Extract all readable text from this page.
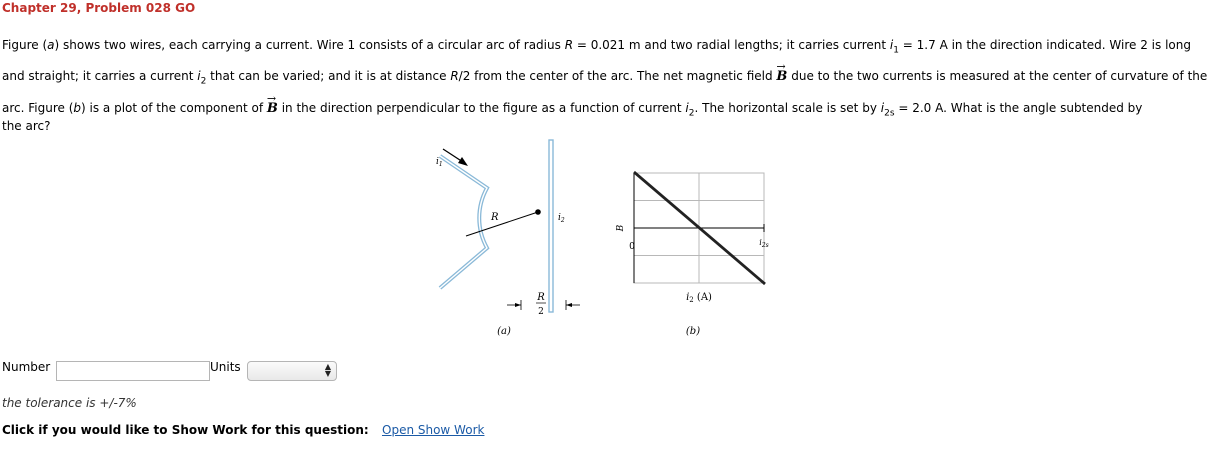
Chapter 29, Problem 028 GO

Figure (a) shows two wires, each carrying a current. Wire 1 consists of a circular arc of radius R = 0.021 m and two radial lengths; it carries current $i_1 = 1.7$ A in the direction indicated. Wire 2 is long and straight; it carries a current $i_2$ that can be varied; and it is at distance R/2 from the center of the arc. The net magnetic field → B due to the two currents is measured at the center of curvature of the arc. Figure (b) is a plot of the component of → B in the direction perpendicular to the figure as a function of current $i_2$. The horizontal scale is set by $i_{2s} = 2.0$ A. What is the angle subtended by
the arc?

$i_1$
R	$i_2$
R
2
(a)
B
0	$i_{2s}$
$i_2$ (A)
(b)
Number	Units	▲
▼
the tolerance is +/-7%
Click if you would like to Show Work for this question: Open Show Work
